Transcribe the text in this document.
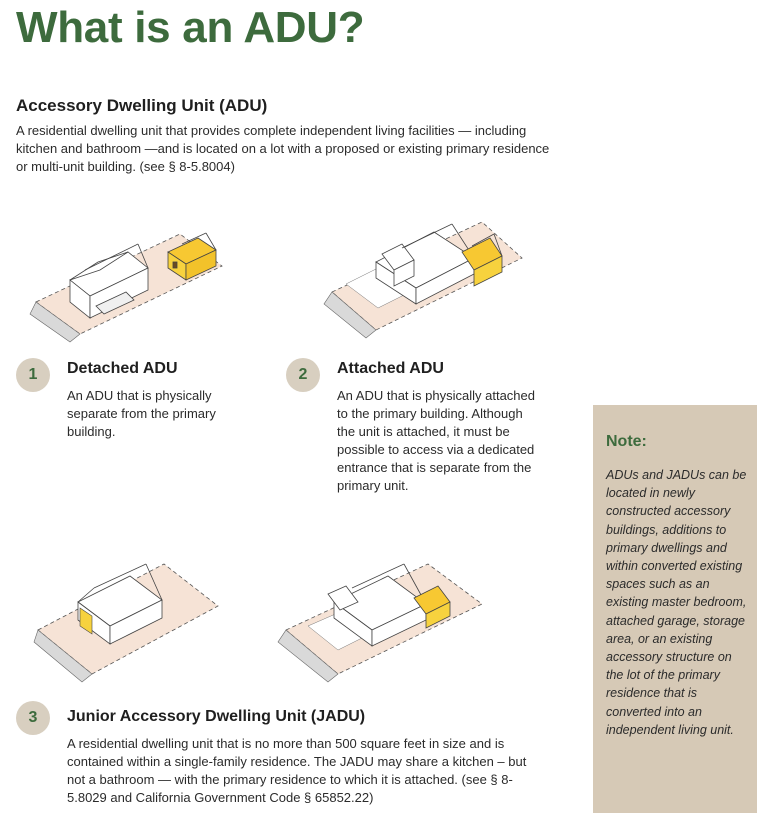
What is an ADU?
Accessory Dwelling Unit (ADU)

A residential dwelling unit that provides complete independent living facilities — including kitchen and bathroom —and is located on a lot with a proposed or existing primary residence or multi-unit building. (see § 8-5.8004)

1	Detached ADU

An ADU that is physically separate from the primary building.

2	Attached ADU

An ADU that is physically attached to the primary building. Although the unit is attached, it must be possible to access via a dedicated entrance that is separate from the primary unit.

3	Junior Accessory Dwelling Unit (JADU)

A residential dwelling unit that is no more than 500 square feet in size and is contained within a single-family residence. The JADU may share a kitchen – but not a bathroom — with the primary residence to which it is attached. (see § 8-5.8029 and California Government Code § 65852.22)

Note:

ADUs and JADUs can be located in newly constructed accessory buildings, additions to primary dwellings and within converted existing spaces such as an existing master bedroom, attached garage, storage area, or an existing accessory structure on the lot of the primary residence that is converted into an independent living unit.
